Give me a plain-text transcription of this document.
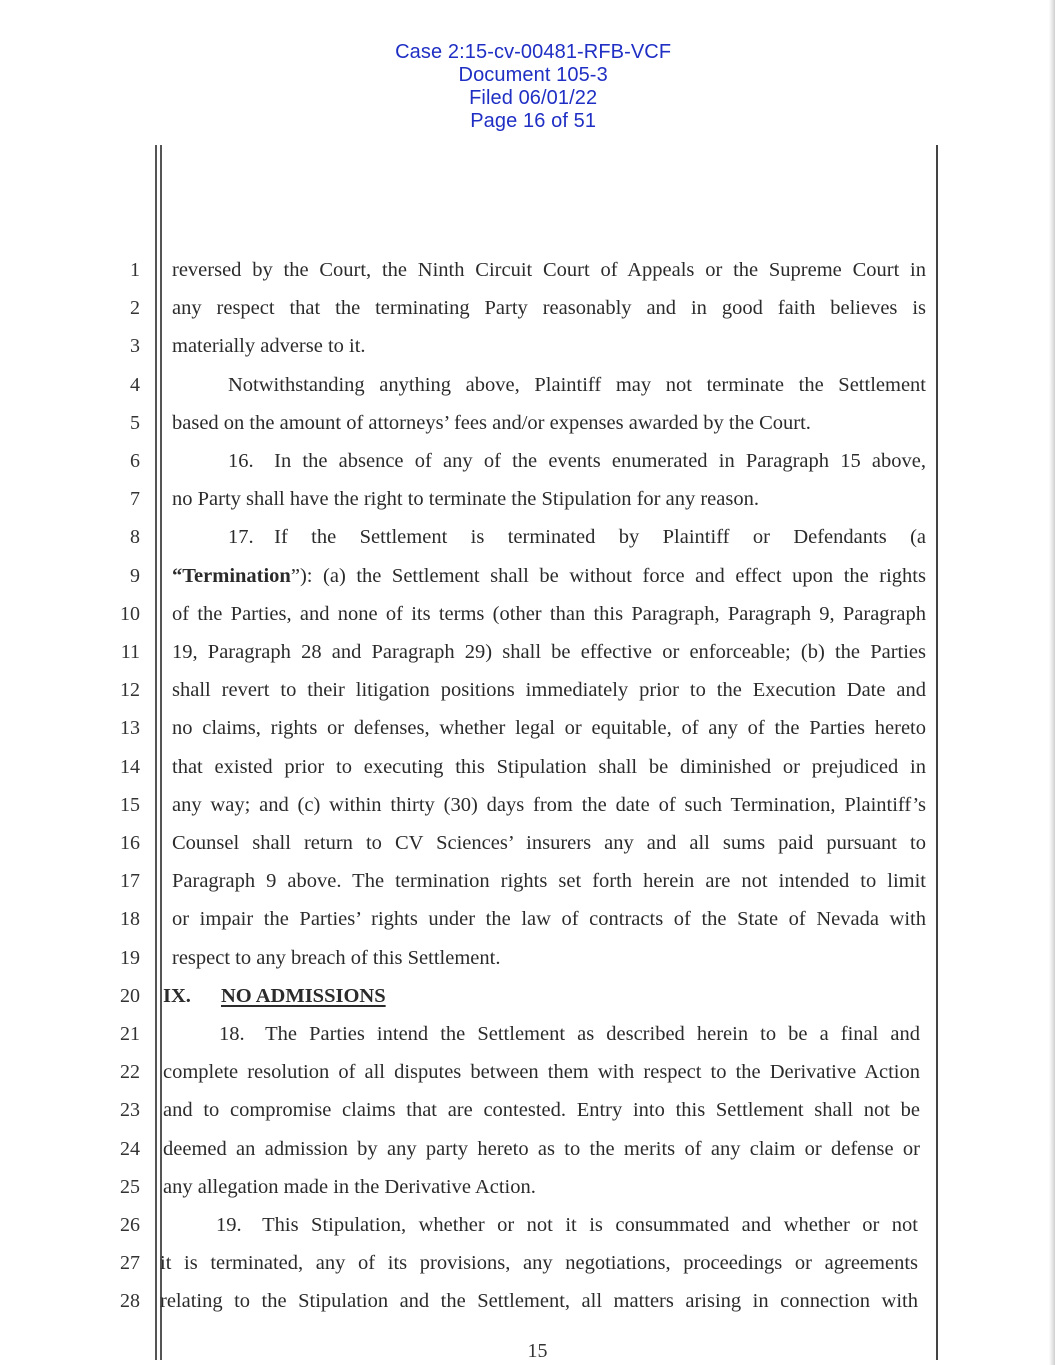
Case 2:15-cv-00481-RFB-VCF
Document 105-3
Filed 06/01/22
Page 16 of 51

1
2
3
4
5
6
7
8
9
10
11
12
13
14
15
16
17
18
19
20
21
22
23
24
25
26
27
28
reversed by the Court, the Ninth Circuit Court of Appeals or the Supreme Court in
any respect that the terminating Party reasonably and in good faith believes is
materially adverse to it.
Notwithstanding anything above, Plaintiff may not terminate the Settlement
based on the amount of attorneys’ fees and/or expenses awarded by the Court.
16. In the absence of any of the events enumerated in Paragraph 15 above,
no Party shall have the right to terminate the Stipulation for any reason.
17. If the Settlement is terminated by Plaintiff or Defendants (a
“Termination”): (a) the Settlement shall be without force and effect upon the rights
of the Parties, and none of its terms (other than this Paragraph, Paragraph 9, Paragraph
19, Paragraph 28 and Paragraph 29) shall be effective or enforceable; (b) the Parties
shall revert to their litigation positions immediately prior to the Execution Date and
no claims, rights or defenses, whether legal or equitable, of any of the Parties hereto
that existed prior to executing this Stipulation shall be diminished or prejudiced in
any way; and (c) within thirty (30) days from the date of such Termination, Plaintiff’s
Counsel shall return to CV Sciences’ insurers any and all sums paid pursuant to
Paragraph 9 above. The termination rights set forth herein are not intended to limit
or impair the Parties’ rights under the law of contracts of the State of Nevada with
respect to any breach of this Settlement.
IX. NO ADMISSIONS
18. The Parties intend the Settlement as described herein to be a final and
complete resolution of all disputes between them with respect to the Derivative Action
and to compromise claims that are contested. Entry into this Settlement shall not be
deemed an admission by any party hereto as to the merits of any claim or defense or
any allegation made in the Derivative Action.
19. This Stipulation, whether or not it is consummated and whether or not
it is terminated, any of its provisions, any negotiations, proceedings or agreements
relating to the Stipulation and the Settlement, all matters arising in connection with
15
